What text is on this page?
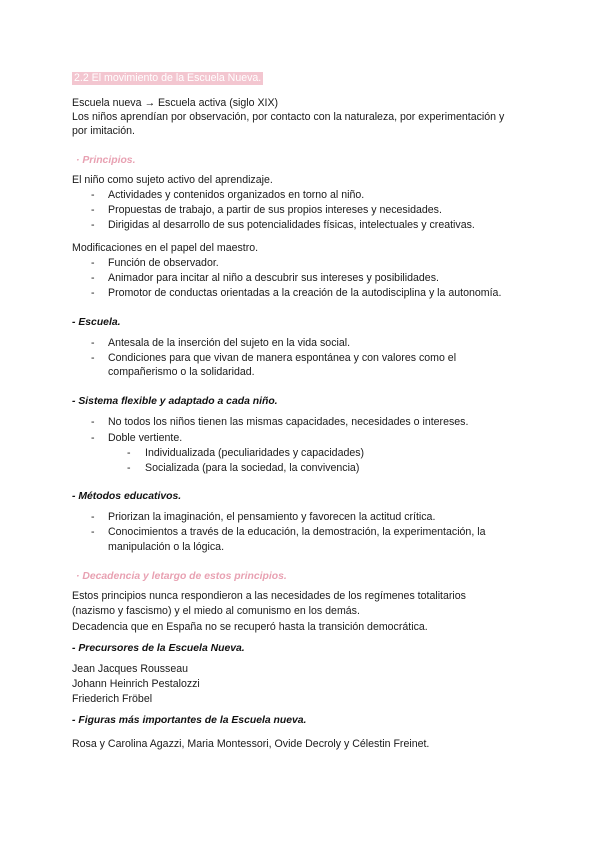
2.2 El movimiento de la Escuela Nueva.
Escuela nueva → Escuela activa (siglo XIX)
Los niños aprendían por observación, por contacto con la naturaleza, por experimentación y
por imitación.
· Principios.
El niño como sujeto activo del aprendizaje.
- Actividades y contenidos organizados en torno al niño.
- Propuestas de trabajo, a partir de sus propios intereses y necesidades.
- Dirigidas al desarrollo de sus potencialidades físicas, intelectuales y creativas.
Modificaciones en el papel del maestro.
- Función de observador.
- Animador para incitar al niño a descubrir sus intereses y posibilidades.
- Promotor de conductas orientadas a la creación de la autodisciplina y la autonomía.
- Escuela.
- Antesala de la inserción del sujeto en la vida social.
- Condiciones para que vivan de manera espontánea y con valores como el
compañerismo o la solidaridad.
- Sistema flexible y adaptado a cada niño.
- No todos los niños tienen las mismas capacidades, necesidades o intereses.
- Doble vertiente.
- Individualizada (peculiaridades y capacidades)
- Socializada (para la sociedad, la convivencia)
- Métodos educativos.
- Priorizan la imaginación, el pensamiento y favorecen la actitud crítica.
- Conocimientos a través de la educación, la demostración, la experimentación, la
manipulación o la lógica.
· Decadencia y letargo de estos principios.
Estos principios nunca respondieron a las necesidades de los regímenes totalitarios
(nazismo y fascismo) y el miedo al comunismo en los demás.
Decadencia que en España no se recuperó hasta la transición democrática.
- Precursores de la Escuela Nueva.
Jean Jacques Rousseau
Johann Heinrich Pestalozzi
Friederich Fröbel
- Figuras más importantes de la Escuela nueva.
Rosa y Carolina Agazzi, Maria Montessori, Ovide Decroly y Célestin Freinet.
